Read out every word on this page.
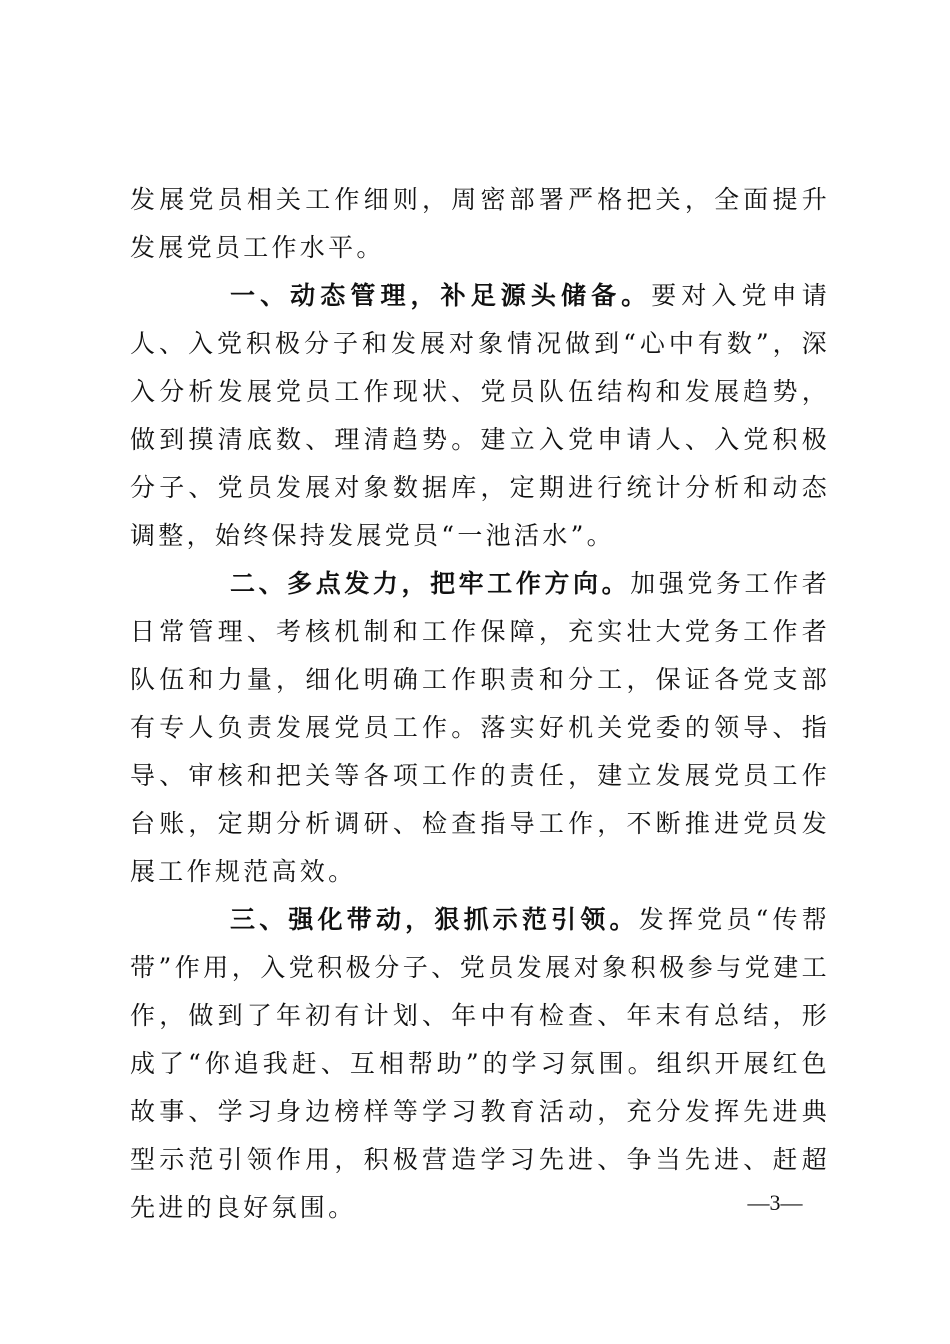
发展党员相关工作细则，周密部署严格把关，全面提升发展党员工作水平。

一、动态管理，补足源头储备。要对入党申请人、入党积极分子和发展对象情况做到“心中有数”，深入分析发展党员工作现状、党员队伍结构和发展趋势，做到摸清底数、理清趋势。建立入党申请人、入党积极分子、党员发展对象数据库，定期进行统计分析和动态调整，始终保持发展党员“一池活水”。

二、多点发力，把牢工作方向。加强党务工作者日常管理、考核机制和工作保障，充实壮大党务工作者队伍和力量，细化明确工作职责和分工，保证各党支部有专人负责发展党员工作。落实好机关党委的领导、指导、审核和把关等各项工作的责任，建立发展党员工作台账，定期分析调研、检查指导工作，不断推进党员发展工作规范高效。

三、强化带动，狠抓示范引领。发挥党员“传帮带”作用，入党积极分子、党员发展对象积极参与党建工作，做到了年初有计划、年中有检查、年末有总结，形成了“你追我赶、互相帮助”的学习氛围。组织开展红色故事、学习身边榜样等学习教育活动，充分发挥先进典型示范引领作用，积极营造学习先进、争当先进、赶超先进的良好氛围。	—3—
